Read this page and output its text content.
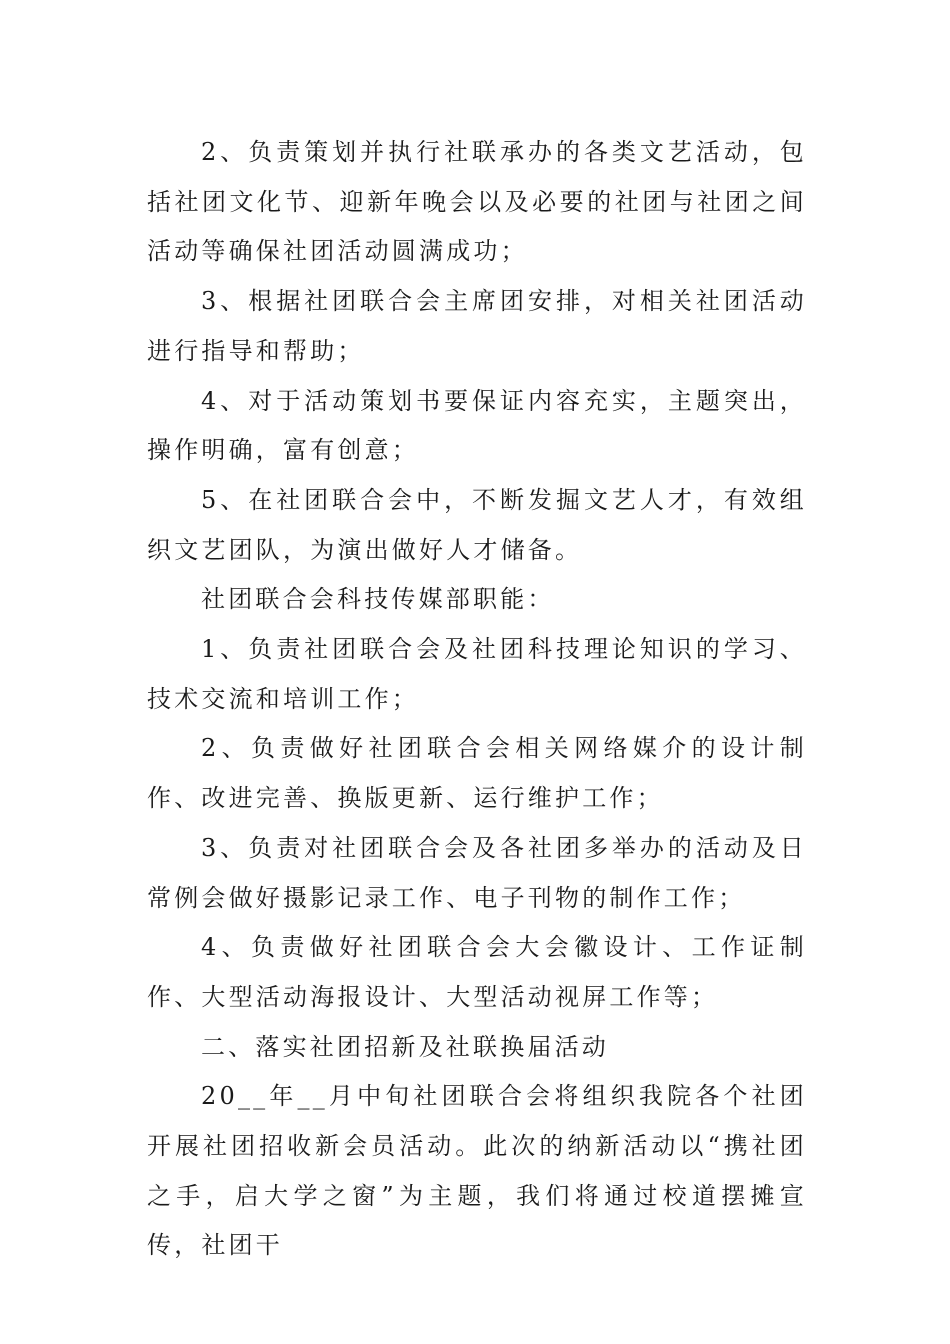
2、负责策划并执行社联承办的各类文艺活动，包括社团文化节、迎新年晚会以及必要的社团与社团之间活动等确保社团活动圆满成功；

3、根据社团联合会主席团安排，对相关社团活动进行指导和帮助；

4、对于活动策划书要保证内容充实，主题突出，操作明确，富有创意；

5、在社团联合会中，不断发掘文艺人才，有效组织文艺团队，为演出做好人才储备。

社团联合会科技传媒部职能：

1、负责社团联合会及社团科技理论知识的学习、技术交流和培训工作；

2、负责做好社团联合会相关网络媒介的设计制作、改进完善、换版更新、运行维护工作；

3、负责对社团联合会及各社团多举办的活动及日常例会做好摄影记录工作、电子刊物的制作工作；

4、负责做好社团联合会大会徽设计、工作证制作、大型活动海报设计、大型活动视屏工作等；

二、落实社团招新及社联换届活动

20__年__月中旬社团联合会将组织我院各个社团开展社团招收新会员活动。此次的纳新活动以“携社团之手，启大学之窗”为主题，我们将通过校道摆摊宣传，社团干
